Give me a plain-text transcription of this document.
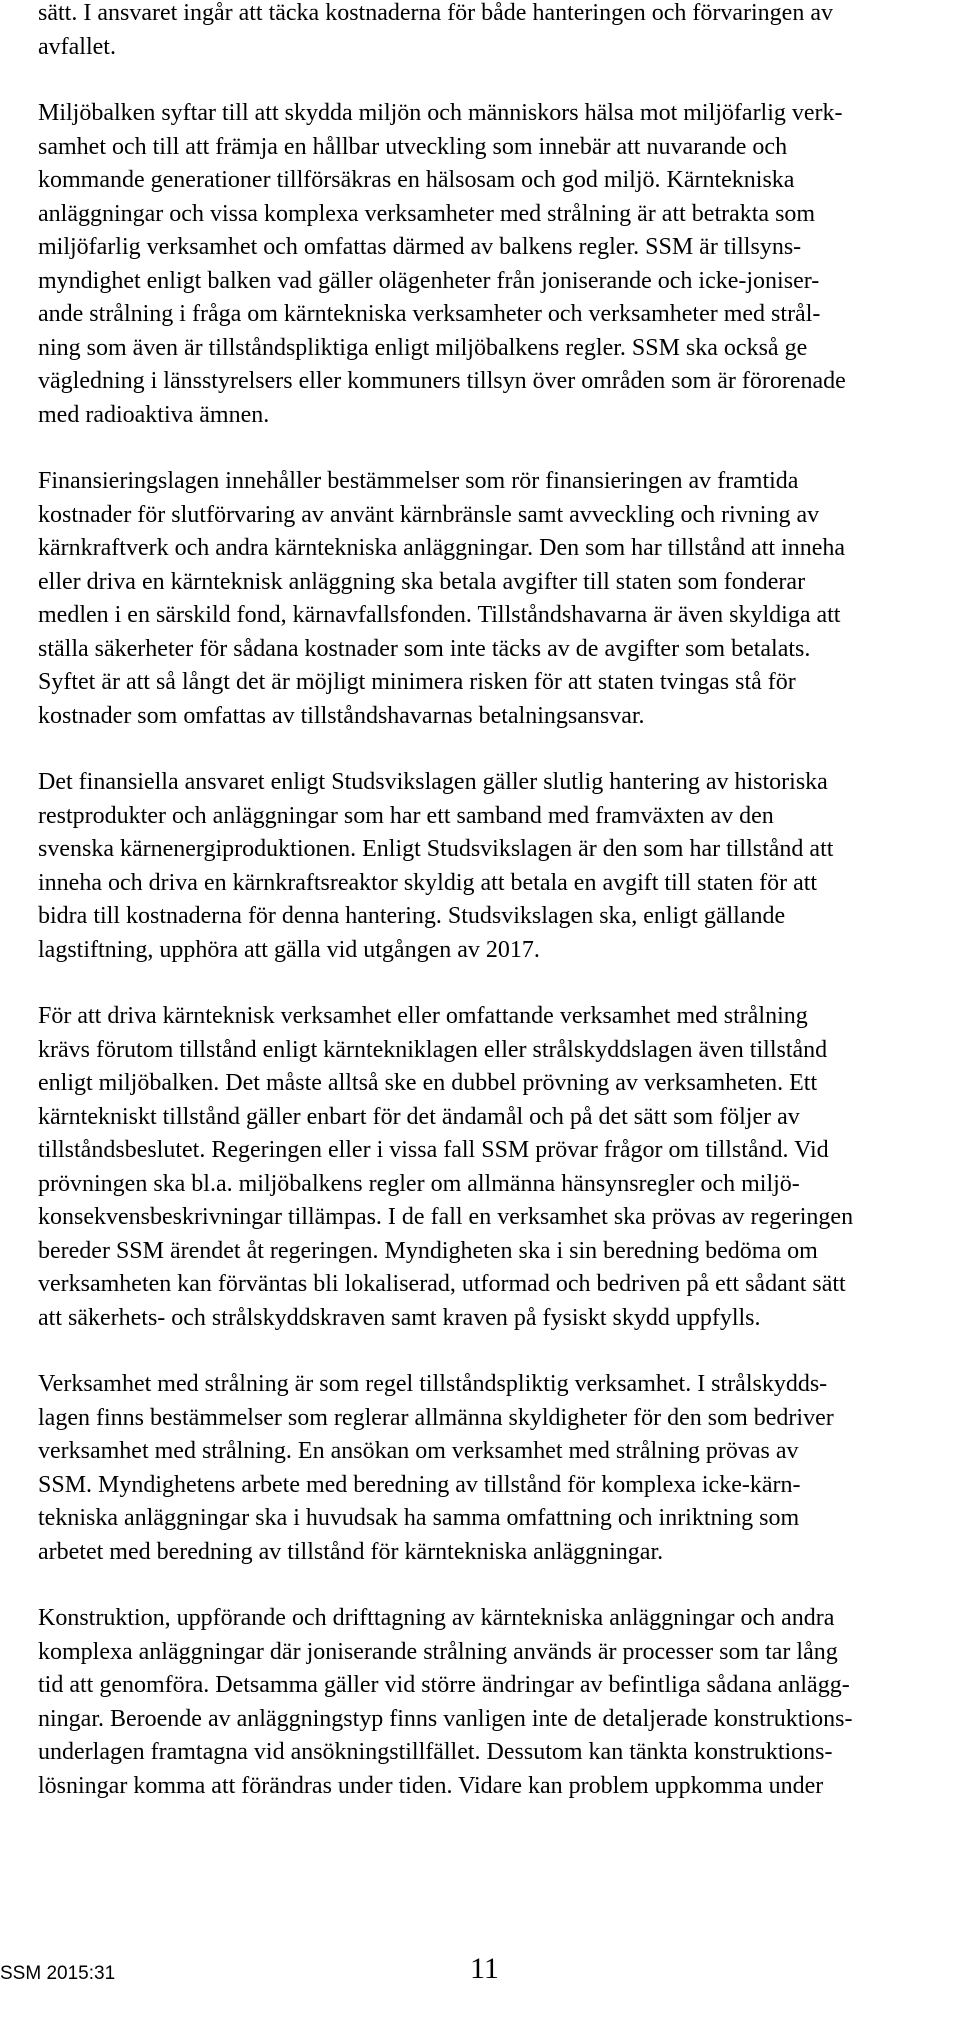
sätt. I ansvaret ingår att täcka kostnaderna för både hanteringen och förvaringen av
avfallet.

Miljöbalken syftar till att skydda miljön och människors hälsa mot miljöfarlig verk-
samhet och till att främja en hållbar utveckling som innebär att nuvarande och
kommande generationer tillförsäkras en hälsosam och god miljö. Kärntekniska
anläggningar och vissa komplexa verksamheter med strålning är att betrakta som
miljöfarlig verksamhet och omfattas därmed av balkens regler. SSM är tillsyns-
myndighet enligt balken vad gäller olägenheter från joniserande och icke-joniser-
ande strålning i fråga om kärntekniska verksamheter och verksamheter med strål-
ning som även är tillståndspliktiga enligt miljöbalkens regler. SSM ska också ge
vägledning i länsstyrelsers eller kommuners tillsyn över områden som är förorenade
med radioaktiva ämnen.

Finansieringslagen innehåller bestämmelser som rör finansieringen av framtida
kostnader för slutförvaring av använt kärnbränsle samt avveckling och rivning av
kärnkraftverk och andra kärntekniska anläggningar. Den som har tillstånd att inneha
eller driva en kärnteknisk anläggning ska betala avgifter till staten som fonderar
medlen i en särskild fond, kärnavfallsfonden. Tillståndshavarna är även skyldiga att
ställa säkerheter för sådana kostnader som inte täcks av de avgifter som betalats.
Syftet är att så långt det är möjligt minimera risken för att staten tvingas stå för
kostnader som omfattas av tillståndshavarnas betalningsansvar.

Det finansiella ansvaret enligt Studsvikslagen gäller slutlig hantering av historiska
restprodukter och anläggningar som har ett samband med framväxten av den
svenska kärnenergiproduktionen. Enligt Studsvikslagen är den som har tillstånd att
inneha och driva en kärnkraftsreaktor skyldig att betala en avgift till staten för att
bidra till kostnaderna för denna hantering. Studsvikslagen ska, enligt gällande
lagstiftning, upphöra att gälla vid utgången av 2017.

För att driva kärnteknisk verksamhet eller omfattande verksamhet med strålning
krävs förutom tillstånd enligt kärntekniklagen eller strålskyddslagen även tillstånd
enligt miljöbalken. Det måste alltså ske en dubbel prövning av verksamheten. Ett
kärntekniskt tillstånd gäller enbart för det ändamål och på det sätt som följer av
tillståndsbeslutet. Regeringen eller i vissa fall SSM prövar frågor om tillstånd. Vid
prövningen ska bl.a. miljöbalkens regler om allmänna hänsynsregler och miljö-
konsekvensbeskrivningar tillämpas. I de fall en verksamhet ska prövas av regeringen
bereder SSM ärendet åt regeringen. Myndigheten ska i sin beredning bedöma om
verksamheten kan förväntas bli lokaliserad, utformad och bedriven på ett sådant sätt
att säkerhets- och strålskyddskraven samt kraven på fysiskt skydd uppfylls.

Verksamhet med strålning är som regel tillståndspliktig verksamhet. I strålskydds-
lagen finns bestämmelser som reglerar allmänna skyldigheter för den som bedriver
verksamhet med strålning. En ansökan om verksamhet med strålning prövas av
SSM. Myndighetens arbete med beredning av tillstånd för komplexa icke-kärn-
tekniska anläggningar ska i huvudsak ha samma omfattning och inriktning som
arbetet med beredning av tillstånd för kärntekniska anläggningar.

Konstruktion, uppförande och drifttagning av kärntekniska anläggningar och andra
komplexa anläggningar där joniserande strålning används är processer som tar lång
tid att genomföra. Detsamma gäller vid större ändringar av befintliga sådana anlägg-
ningar. Beroende av anläggningstyp finns vanligen inte de detaljerade konstruktions-
underlagen framtagna vid ansökningstillfället. Dessutom kan tänkta konstruktions-
lösningar komma att förändras under tiden. Vidare kan problem uppkomma under

SSM 2015:31	11
